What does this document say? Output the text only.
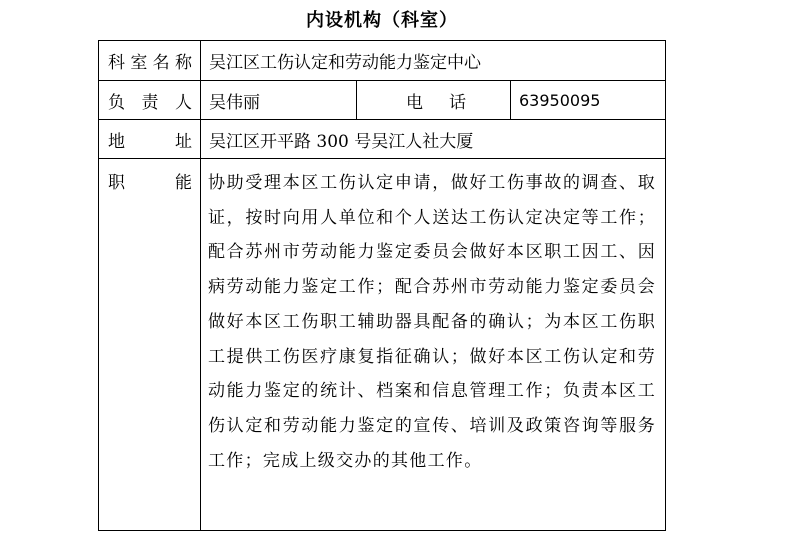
内设机构（科室）
科 室 名 称 吴江区工伤认定和劳动能力鉴定中心
负 责 人 吴伟丽	电 话	63950095
地	址 吴江区开平路 300 号吴江人社大厦
职	能 协助受理本区工伤认定申请，做好工伤事故的调查、取证，按时向用人单位和个人送达工伤认定决定等工作；配合苏州市劳动能力鉴定委员会做好本区职工因工、因病劳动能力鉴定工作；配合苏州市劳动能力鉴定委员会做好本区工伤职工辅助器具配备的确认；为本区工伤职工提供工伤医疗康复指征确认；做好本区工伤认定和劳动能力鉴定的统计、档案和信息管理工作；负责本区工伤认定和劳动能力鉴定的宣传、培训及政策咨询等服务工作；完成上级交办的其他工作。
